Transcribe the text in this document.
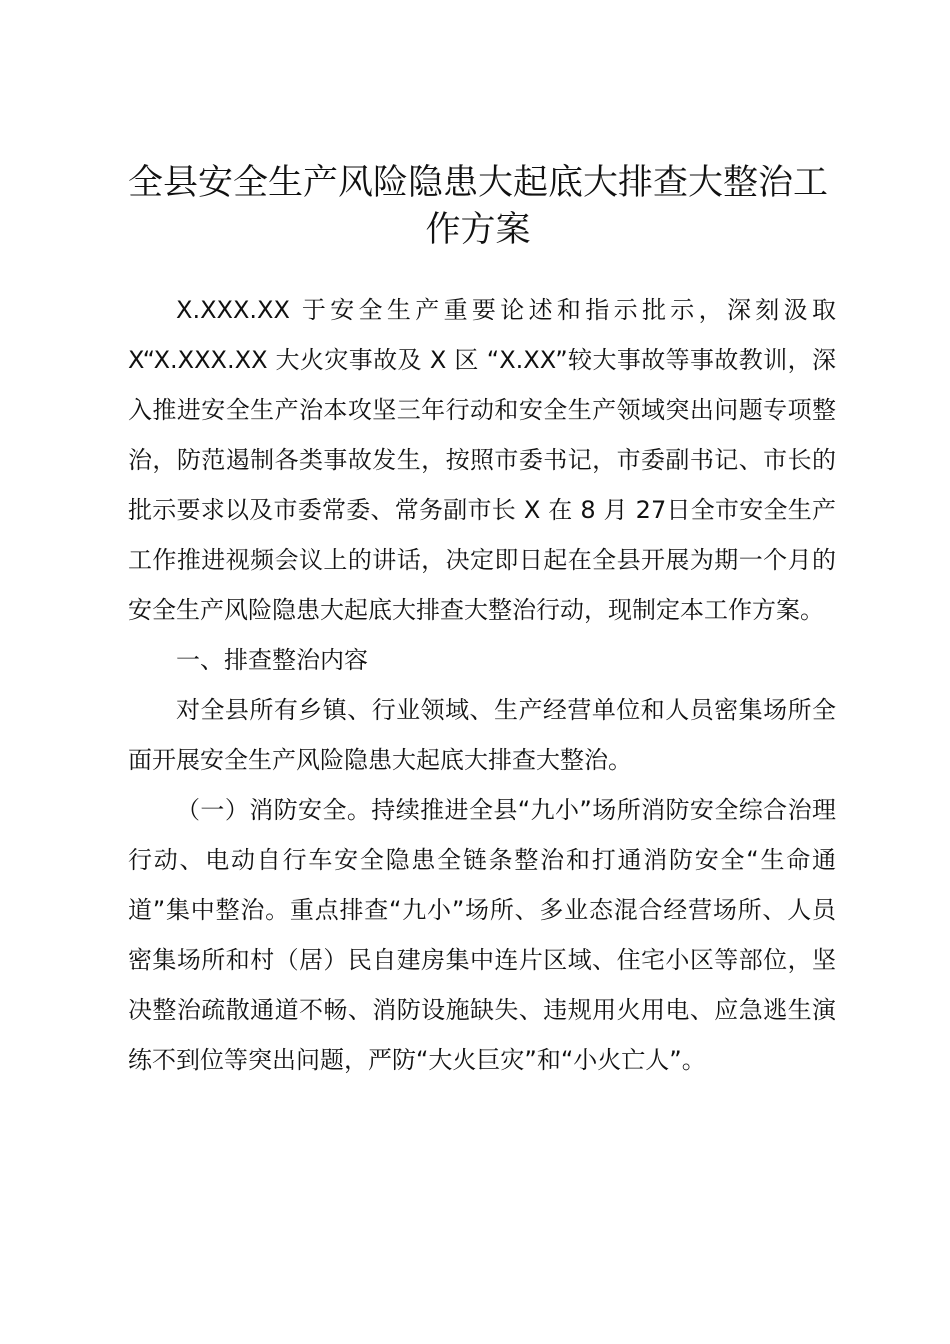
全县安全生产风险隐患大起底大排查大整治工作方案

X.XXX.XX 于安全生产重要论述和指示批示，深刻汲取X“X.XXX.XX 大火灾事故及 X 区 “X.XX”较大事故等事故教训，深入推进安全生产治本攻坚三年行动和安全生产领域突出问题专项整治，防范遏制各类事故发生，按照市委书记，市委副书记、市长的批示要求以及市委常委、常务副市长 X 在 8 月 27日全市安全生产工作推进视频会议上的讲话，决定即日起在全县开展为期一个月的安全生产风险隐患大起底大排查大整治行动，现制定本工作方案。

一、排查整治内容

对全县所有乡镇、行业领域、生产经营单位和人员密集场所全面开展安全生产风险隐患大起底大排查大整治。

（一）消防安全。持续推进全县“九小”场所消防安全综合治理行动、电动自行车安全隐患全链条整治和打通消防安全“生命通道”集中整治。重点排查“九小”场所、多业态混合经营场所、人员密集场所和村（居）民自建房集中连片区域、住宅小区等部位，坚决整治疏散通道不畅、消防设施缺失、违规用火用电、应急逃生演练不到位等突出问题，严防“大火巨灾”和“小火亡人”。
